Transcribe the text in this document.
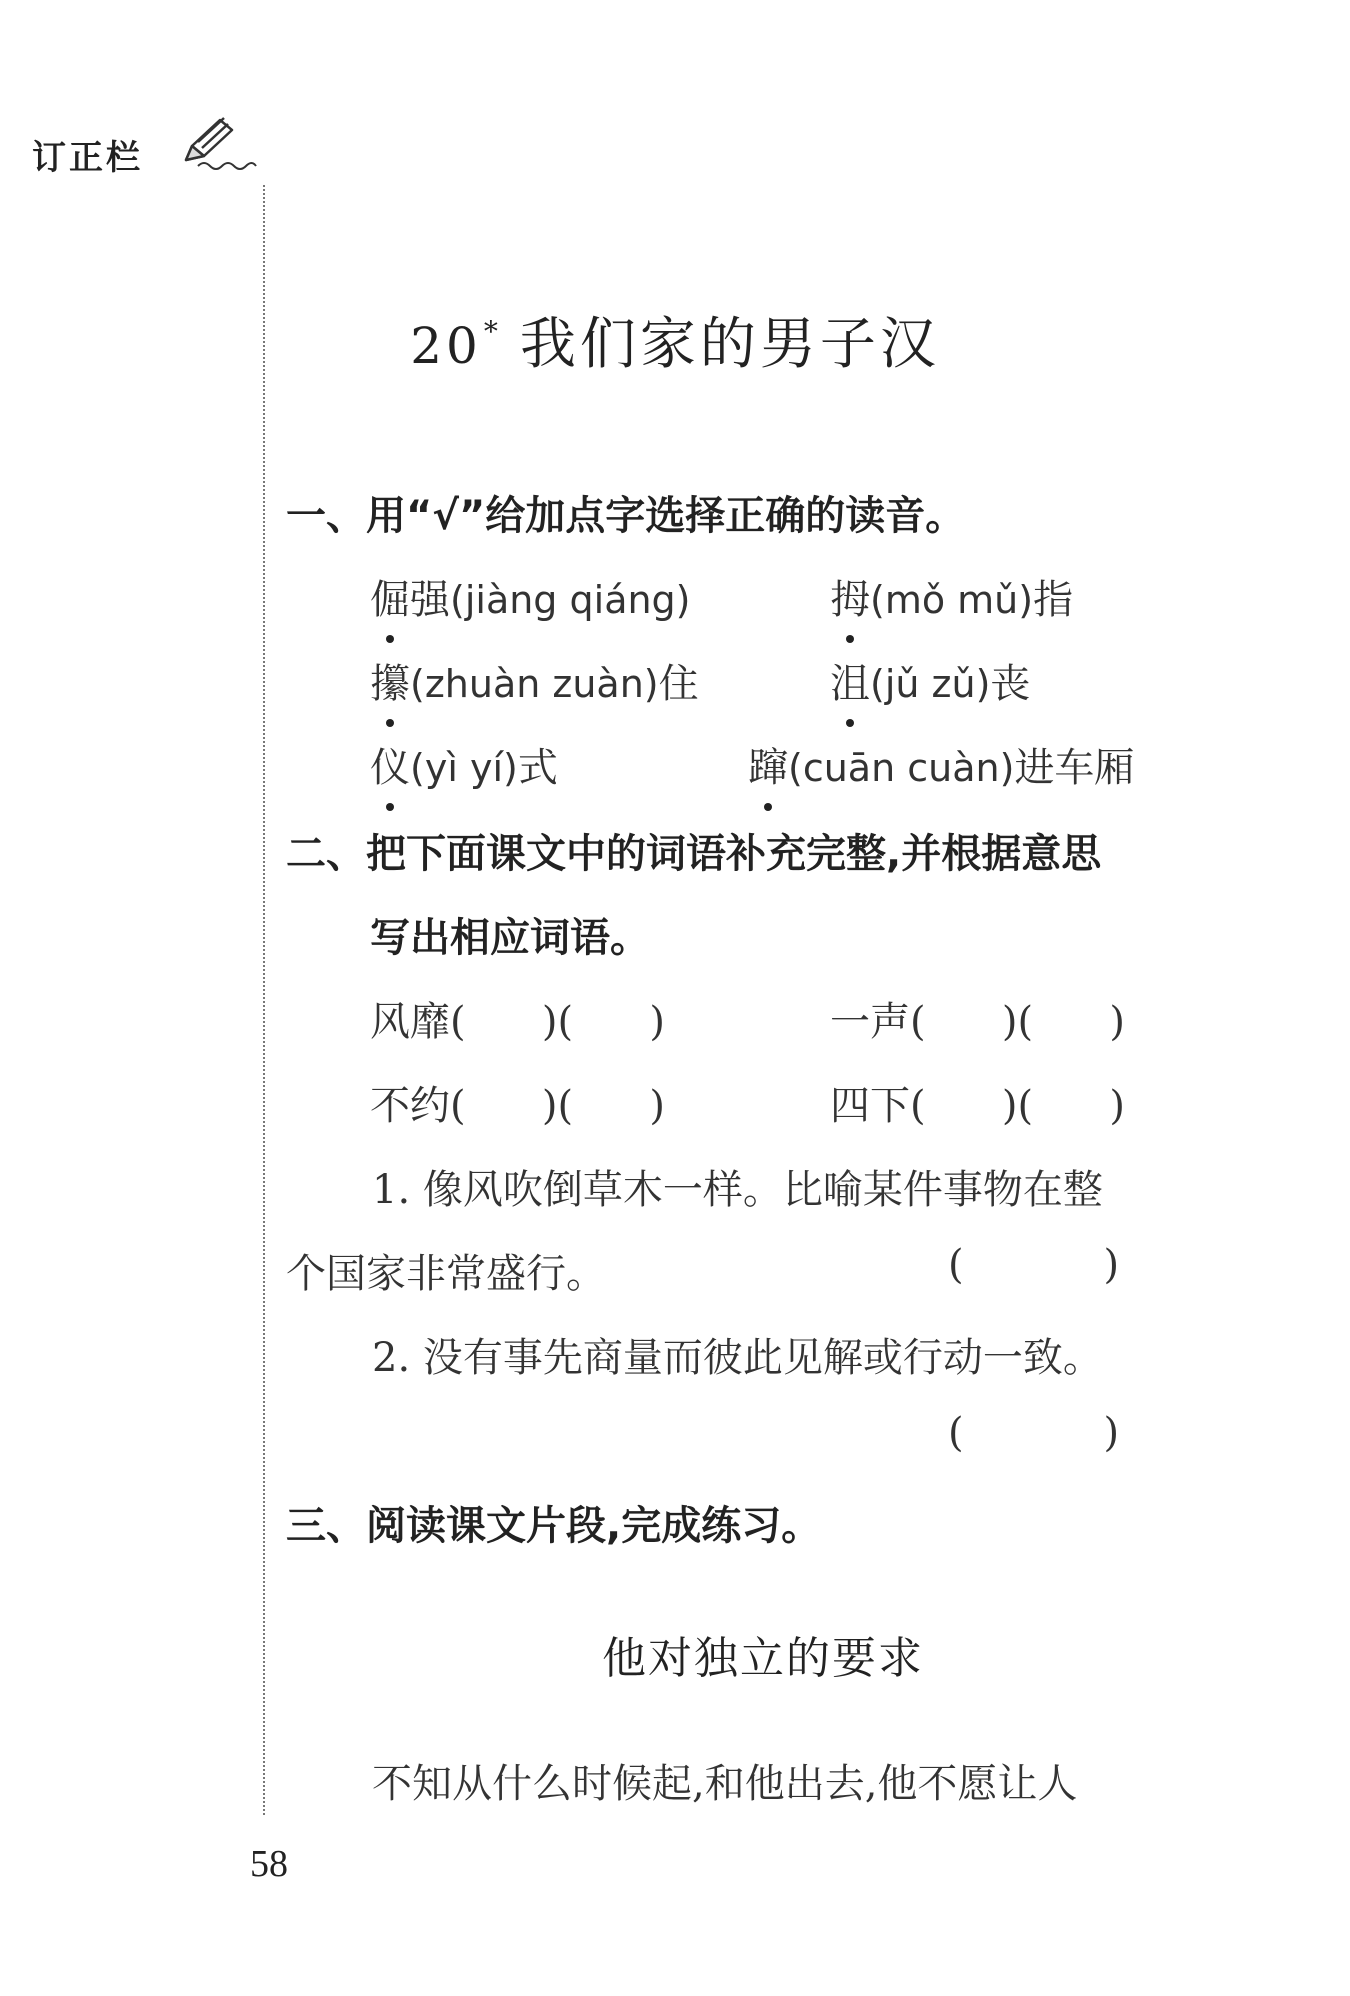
订正栏
20* 我们家的男子汉
一、用“√”给加点字选择正确的读音。
倔强(jiàng qiáng)	拇(mǒ mǔ)指
攥(zhuàn zuàn)住	沮(jǔ zǔ)丧
仪(yì yí)式	蹿(cuān cuàn)进车厢
二、把下面课文中的词语补充完整,并根据意思
写出相应词语。
风靡(      )(      )	一声(      )(      )
不约(      )(      )	四下(      )(      )
1. 像风吹倒草木一样。比喻某件事物在整
个国家非常盛行。	(           )
2. 没有事先商量而彼此见解或行动一致。
(           )
三、阅读课文片段,完成练习。
他对独立的要求
不知从什么时候起,和他出去,他不愿让人
58
